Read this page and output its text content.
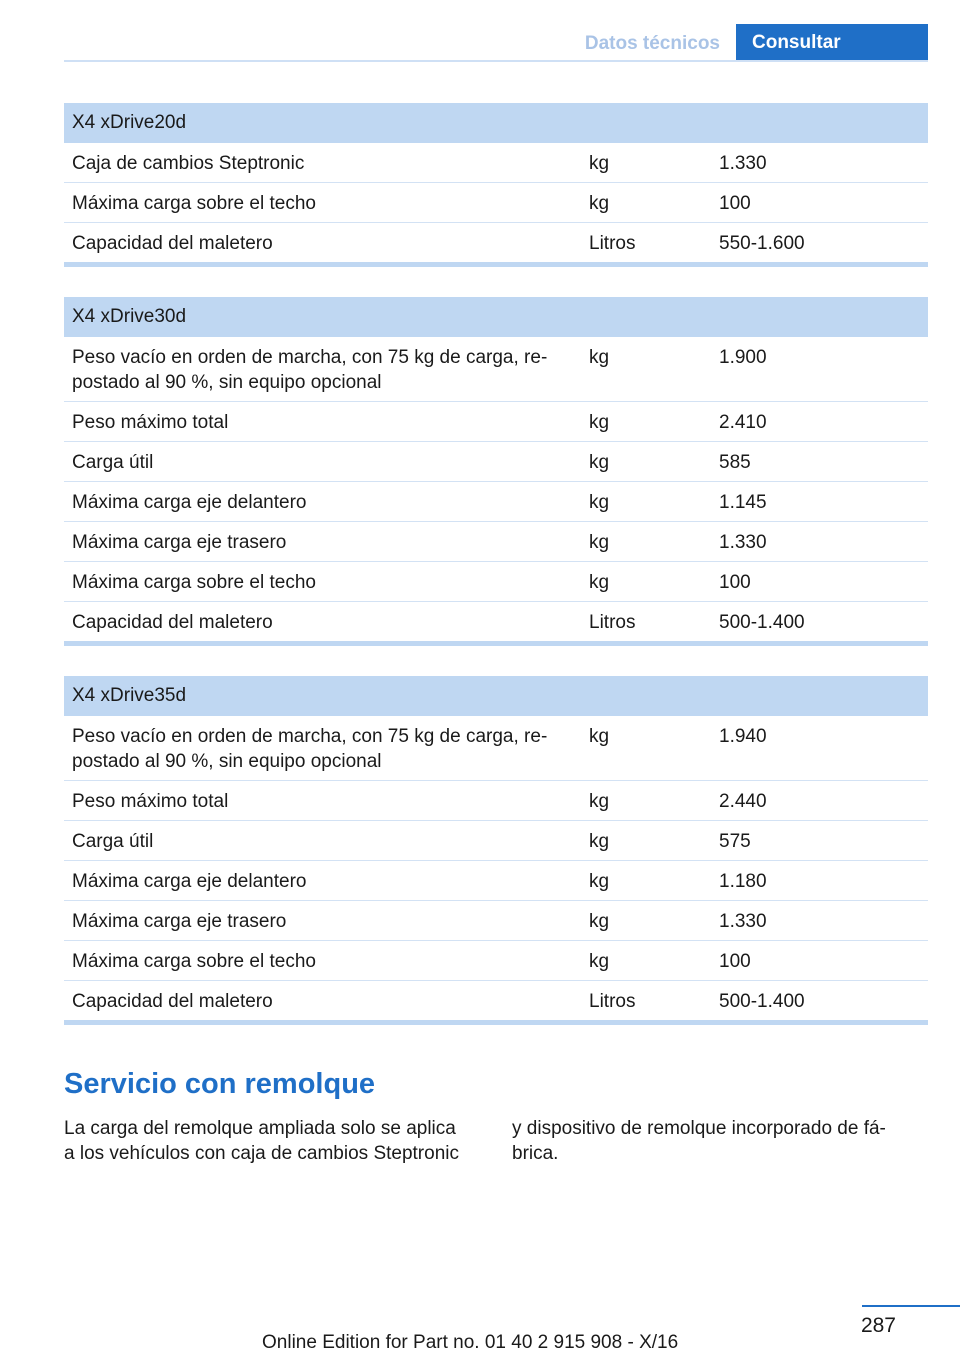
Datos técnicos	Consultar
X4 xDrive20d
Caja de cambios Steptronic	kg	1.330
Máxima carga sobre el techo	kg	100
Capacidad del maletero	Litros	550-1.600
X4 xDrive30d
Peso vacío en orden de marcha, con 75 kg de carga, re‐
postado al 90 %, sin equipo opcional
kg	1.900
Peso máximo total	kg	2.410
Carga útil	kg	585
Máxima carga eje delantero	kg	1.145
Máxima carga eje trasero	kg	1.330
Máxima carga sobre el techo	kg	100
Capacidad del maletero	Litros	500-1.400
X4 xDrive35d
Peso vacío en orden de marcha, con 75 kg de carga, re‐
postado al 90 %, sin equipo opcional
kg	1.940
Peso máximo total	kg	2.440
Carga útil	kg	575
Máxima carga eje delantero	kg	1.180
Máxima carga eje trasero	kg	1.330
Máxima carga sobre el techo	kg	100
Capacidad del maletero	Litros	500-1.400
Servicio con remolque
La carga del remolque ampliada solo se aplica
a los vehículos con caja de cambios Steptronic
y dispositivo de remolque incorporado de fá‐
brica.
287
Online Edition for Part no. 01 40 2 915 908 - X/16
